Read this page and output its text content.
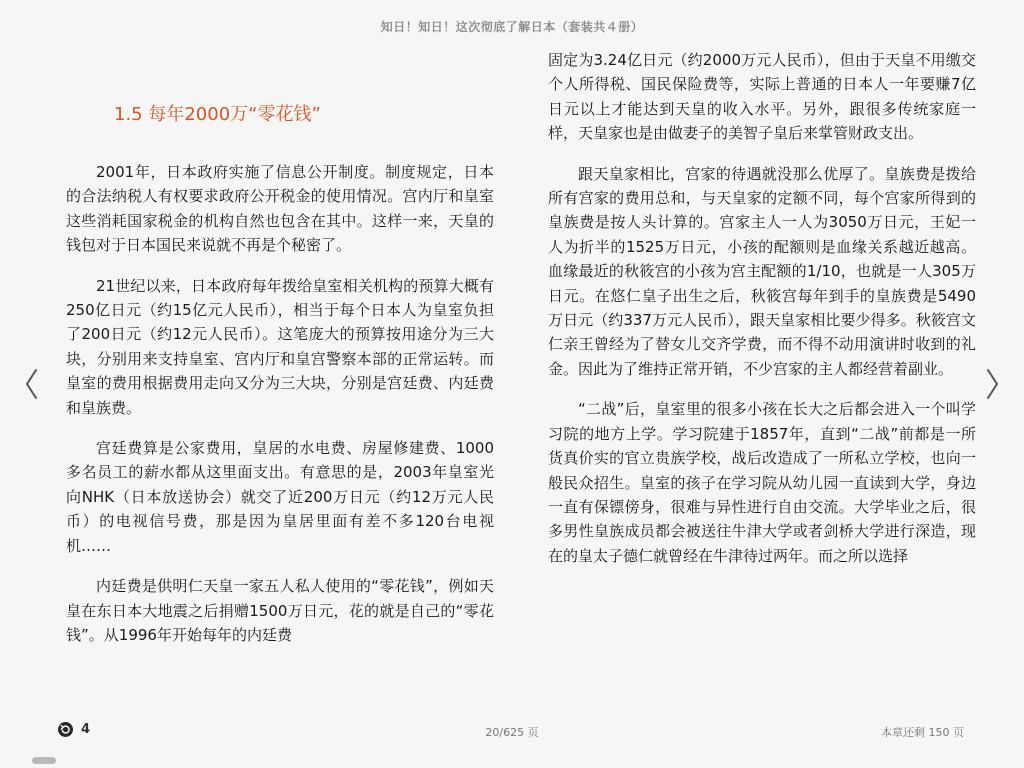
知日！知日！这次彻底了解日本（套装共４册）
1.5 每年2000万“零花钱”

2001年，日本政府实施了信息公开制度。制度规定，日本的合法纳税人有权要求政府公开税金的使用情况。宫内厅和皇室这些消耗国家税金的机构自然也包含在其中。这样一来，天皇的钱包对于日本国民来说就不再是个秘密了。

21世纪以来，日本政府每年拨给皇室相关机构的预算大概有250亿日元（约15亿元人民币），相当于每个日本人为皇室负担了200日元（约12元人民币）。这笔庞大的预算按用途分为三大块，分别用来支持皇室、宫内厅和皇宫警察本部的正常运转。而皇室的费用根据费用走向又分为三大块，分别是宫廷费、内廷费和皇族费。

宫廷费算是公家费用，皇居的水电费、房屋修建费、1000多名员工的薪水都从这里面支出。有意思的是，2003年皇室光向NHK（日本放送协会）就交了近200万日元（约12万元人民币）的电视信号费，那是因为皇居里面有差不多120台电视机……

内廷费是供明仁天皇一家五人私人使用的“零花钱”，例如天皇在东日本大地震之后捐赠1500万日元，花的就是自己的“零花钱”。从1996年开始每年的内廷费

固定为3.24亿日元（约2000万元人民币），但由于天皇不用缴交个人所得税、国民保险费等，实际上普通的日本人一年要赚7亿日元以上才能达到天皇的收入水平。另外，跟很多传统家庭一样，天皇家也是由做妻子的美智子皇后来掌管财政支出。

跟天皇家相比，宫家的待遇就没那么优厚了。皇族费是拨给所有宫家的费用总和，与天皇家的定额不同，每个宫家所得到的皇族费是按人头计算的。宫家主人一人为3050万日元，王妃一人为折半的1525万日元，小孩的配额则是血缘关系越近越高。血缘最近的秋筱宫的小孩为宫主配额的1/10，也就是一人305万日元。在悠仁皇子出生之后，秋筱宫每年到手的皇族费是5490万日元（约337万元人民币），跟天皇家相比要少得多。秋筱宫文仁亲王曾经为了替女儿交齐学费，而不得不动用演讲时收到的礼金。因此为了维持正常开销，不少宫家的主人都经营着副业。

“二战”后，皇室里的很多小孩在长大之后都会进入一个叫学习院的地方上学。学习院建于1857年，直到“二战”前都是一所货真价实的官立贵族学校，战后改造成了一所私立学校，也向一般民众招生。皇室的孩子在学习院从幼儿园一直读到大学，身边一直有保镖傍身，很难与异性进行自由交流。大学毕业之后，很多男性皇族成员都会被送往牛津大学或者剑桥大学进行深造，现在的皇太子德仁就曾经在牛津待过两年。而之所以选择

4	20/625 页	本章还剩 150 页
